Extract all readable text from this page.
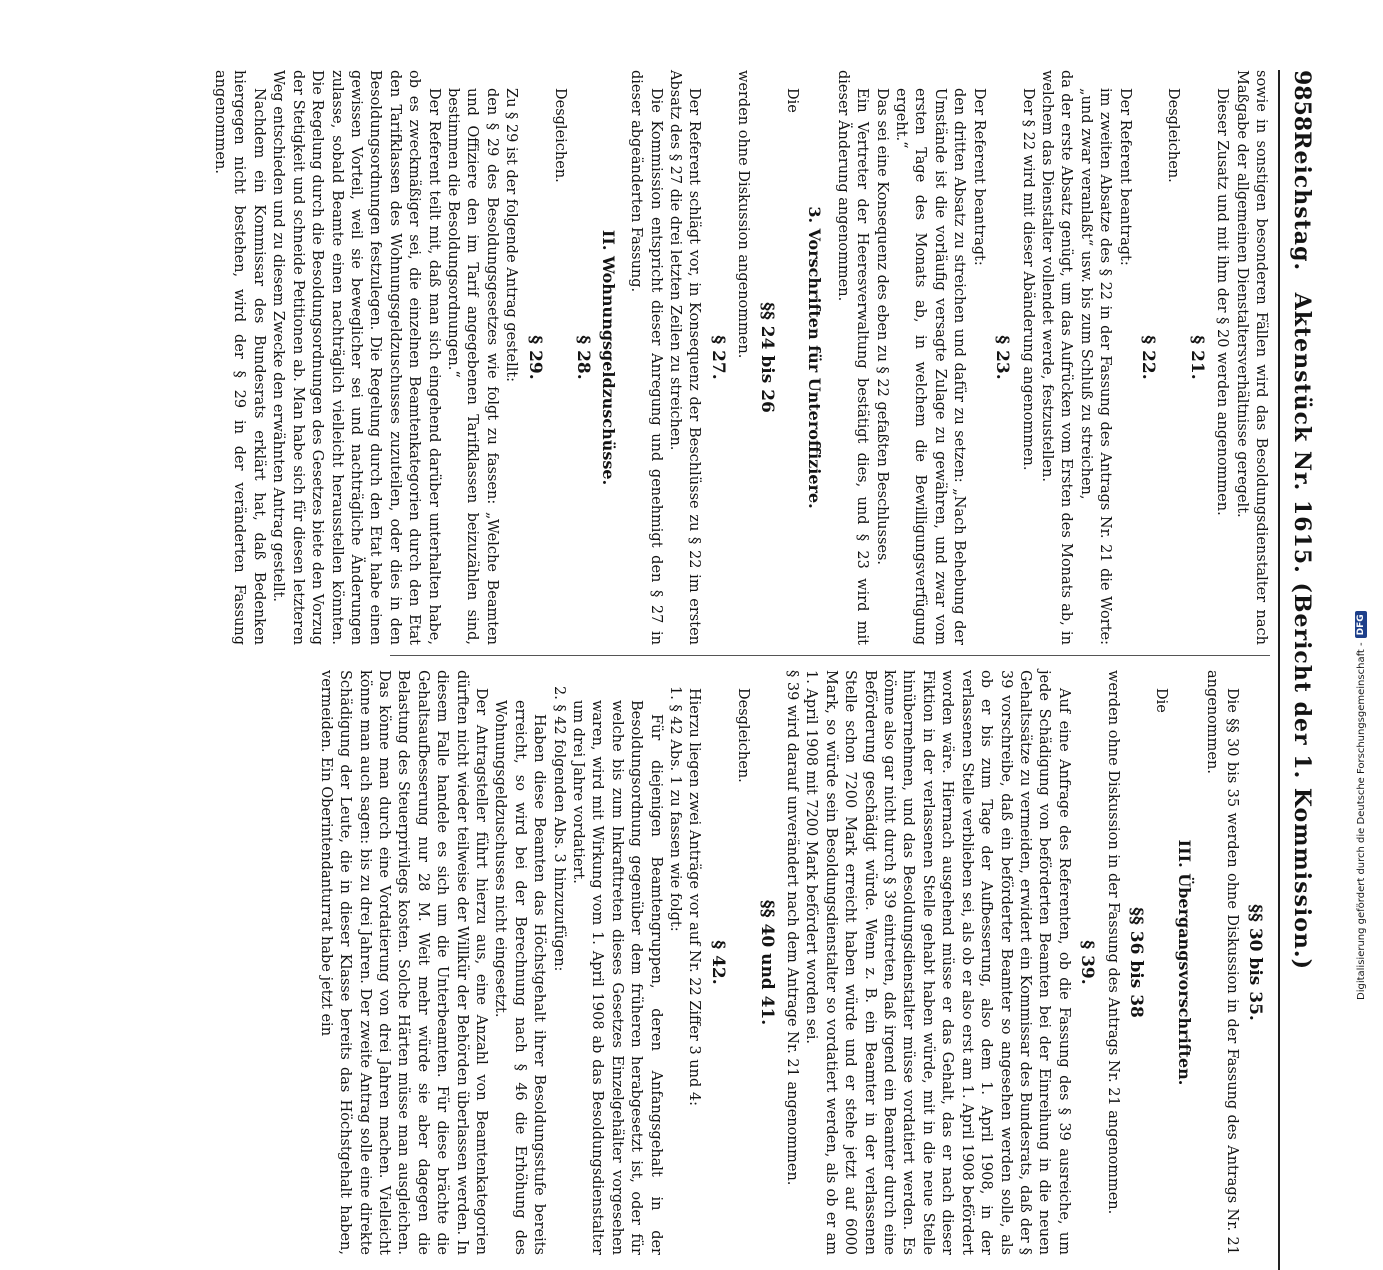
9858
Reichstag.
Aktenstück Nr. 1615. (Bericht der 1. Kommission.)

sowie in sonstigen besonderen Fällen wird das Besoldungsdienstalter nach Maßgabe der allgemeinen Dienstaltersverhältnisse geregelt.

Dieser Zusatz und mit ihm der § 20 werden angenommen.

§ 21.

Desgleichen.

§ 22.

Der Referent beantragt:

im zweiten Absatze des § 22 in der Fassung des Antrags Nr. 21 die Worte: „und zwar veranlaßt“ usw. bis zum Schluß zu streichen,

da der erste Absatz genügt, um das Aufrücken vom Ersten des Monats ab, in welchem das Dienstalter vollendet werde, festzustellen.

Der § 22 wird mit dieser Abänderung angenommen.

§ 23.

Der Referent beantragt:

den dritten Absatz zu streichen und dafür zu setzen: „Nach Behebung der Umstände ist die vorläufig versagte Zulage zu gewähren, und zwar vom ersten Tage des Monats ab, in welchem die Bewilligungsverfügung ergeht.“

Das sei eine Konsequenz des eben zu § 22 gefaßten Beschlusses.

Ein Vertreter der Heeresverwaltung bestätigt dies, und § 23 wird mit dieser Änderung angenommen.

3. Vorschriften für Unteroffiziere.

Die

§§ 24 bis 26

werden ohne Diskussion angenommen.

§ 27.

Der Referent schlägt vor, in Konsequenz der Beschlüsse zu § 22 im ersten Absatz des § 27 die drei letzten Zeilen zu streichen.

Die Kommission entspricht dieser Anregung und genehmigt den § 27 in dieser abgeänderten Fassung.

II. Wohnungsgeldzuschüsse.

§ 28.

Desgleichen.

§ 29.

Zu § 29 ist der folgende Antrag gestellt:

den § 29 des Besoldungsgesetzes wie folgt zu fassen: „Welche Beamten und Offiziere den im Tarif angegebenen Tarifklassen beizuzählen sind, bestimmen die Besoldungsordnungen.“

Der Referent teilt mit, daß man sich eingehend darüber unterhalten habe, ob es zweckmäßiger sei, die einzelnen Beamtenkategorien durch den Etat den Tarifklassen des Wohnungsgeldzuschusses zuzuteilen, oder dies in den Besoldungsordnungen festzulegen. Die Regelung durch den Etat habe einen gewissen Vorteil, weil sie beweglicher sei und nachträgliche Änderungen zulasse, sobald Beamte einen nachträglich vielleicht herausstellen könnten. Die Regelung durch die Besoldungsordnungen des Gesetzes biete den Vorzug der Stetigkeit und schneide Petitionen ab. Man habe sich für diesen letzteren Weg entschieden und zu diesem Zwecke den erwähnten Antrag gestellt.

Nachdem ein Kommissar des Bundesrats erklärt hat, daß Bedenken hiergegen nicht bestehen, wird der § 29 in der veränderten Fassung angenommen.

§§ 30 bis 35.

Die §§ 30 bis 35 werden ohne Diskussion in der Fassung des Antrags Nr. 21 angenommen.

III. Übergangsvorschriften.

Die

§§ 36 bis 38

werden ohne Diskussion in der Fassung des Antrags Nr. 21 angenommen.

§ 39.

Auf eine Anfrage des Referenten, ob die Fassung des § 39 ausreiche, um jede Schädigung von beförderten Beamten bei der Einreihung in die neuen Gehaltssätze zu vermeiden, erwidert ein Kommissar des Bundesrats, daß der § 39 vorschreibe, daß ein beförderter Beamter so angesehen werden solle, als ob er bis zum Tage der Aufbesserung, also dem 1. April 1908, in der verlassenen Stelle verblieben sei, als ob er also erst am 1. April 1908 befördert worden wäre. Hiernach ausgehend müsse er das Gehalt, das er nach dieser Fiktion in der verlassenen Stelle gehabt haben würde, mit in die neue Stelle hinübernehmen, und das Besoldungsdienstalter müsse vordatiert werden. Es könne also gar nicht durch § 39 eintreten, daß irgend ein Beamter durch eine Beförderung geschädigt würde. Wenn z. B. ein Beamter in der verlassenen Stelle schon 7200 Mark erreicht haben würde und er stehe jetzt auf 6000 Mark, so würde sein Besoldungsdienstalter so vordatiert werden, als ob er am 1. April 1908 mit 7200 Mark befördert worden sei.

§ 39 wird darauf unverändert nach dem Antrage Nr. 21 angenommen.

§§ 40 und 41.

Desgleichen.

§ 42.

Hierzu liegen zwei Anträge vor auf Nr. 22 Ziffer 3 und 4:

1. § 42 Abs. 1 zu fassen wie folgt:

Für diejenigen Beamtengruppen, deren Anfangsgehalt in der Besoldungsordnung gegenüber dem früheren herabgesetzt ist, oder für welche bis zum Inkrafttreten dieses Gesetzes Einzelgehälter vorgesehen waren, wird mit Wirkung vom 1. April 1908 ab das Besoldungsdienstalter um drei Jahre vordatiert.

2. § 42 folgenden Abs. 3 hinzuzufügen:

Haben diese Beamten das Höchstgehalt ihrer Besoldungsstufe bereits erreicht, so wird bei der Berechnung nach § 46 die Erhöhung des Wohnungsgeldzuschusses nicht eingesetzt.

Der Antragsteller führt hierzu aus, eine Anzahl von Beamtenkategorien dürften nicht wieder teilweise der Willkür der Behörden überlassen werden. In diesem Falle handele es sich um die Unterbeamten. Für diese brächte die Gehaltsaufbesserung nur 28 M. Weit mehr würde sie aber dagegen die Belastung des Steuerprivilegs kosten. Solche Härten müsse man ausgleichen. Das könne man durch eine Vordatierung von drei Jahren machen. Vielleicht könne man auch sagen: bis zu drei Jahren. Der zweite Antrag solle eine direkte Schädigung der Leute, die in dieser Klasse bereits das Höchstgehalt haben, vermeiden. Ein Oberintendanturrat habe jetzt ein	Digitalisierung gefördert durch die Deutsche Forschungsgemeinschaft -
DFG
